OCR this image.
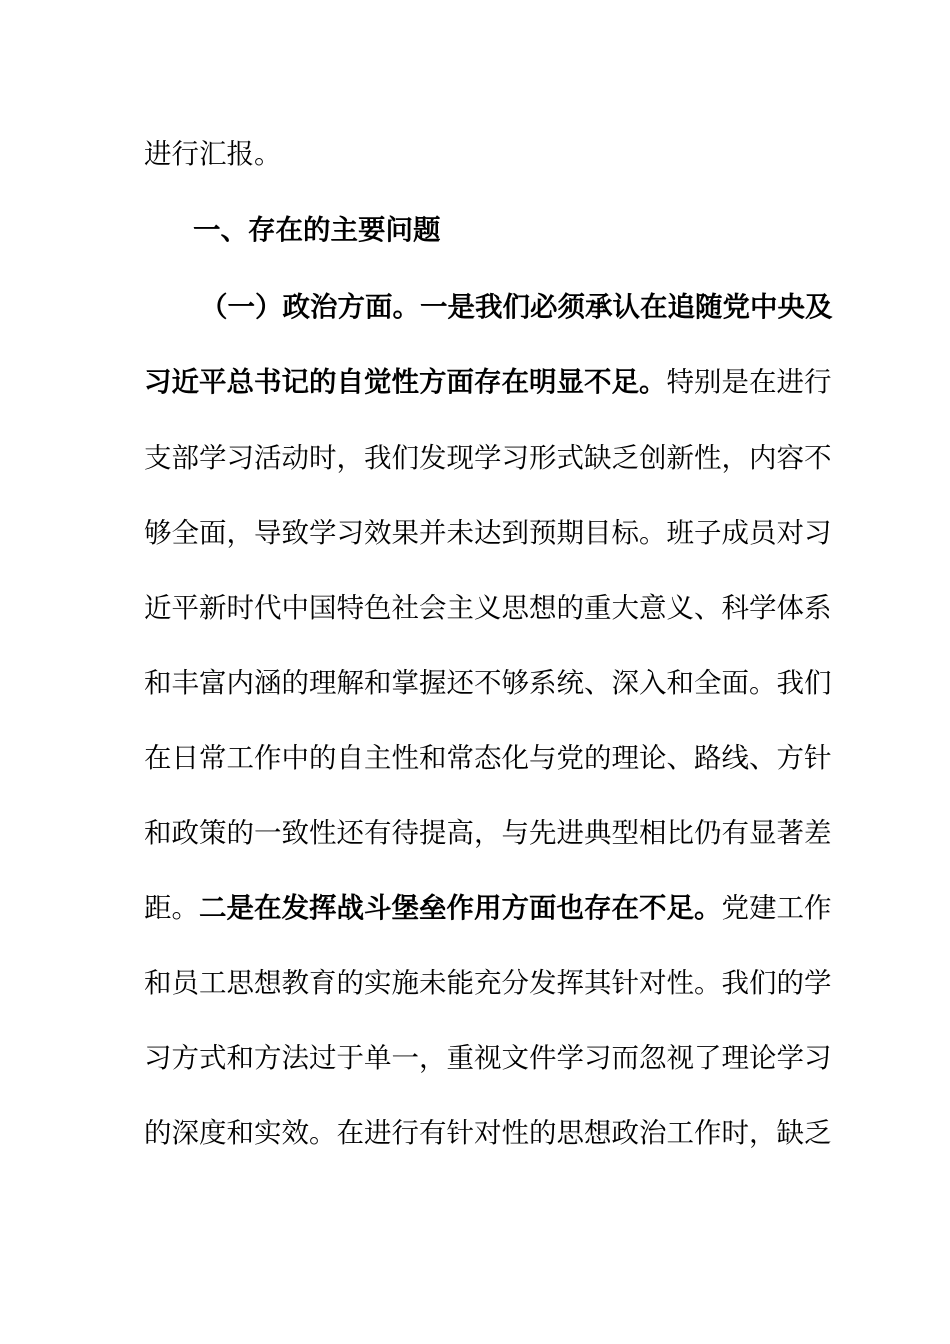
进行汇报。
一、存在的主要问题
（一）政治方面。一是我们必须承认在追随党中央及
习近平总书记的自觉性方面存在明显不足。特别是在进行
支部学习活动时，我们发现学习形式缺乏创新性，内容不
够全面，导致学习效果并未达到预期目标。班子成员对习
近平新时代中国特色社会主义思想的重大意义、科学体系
和丰富内涵的理解和掌握还不够系统、深入和全面。我们
在日常工作中的自主性和常态化与党的理论、路线、方针
和政策的一致性还有待提高，与先进典型相比仍有显著差
距。二是在发挥战斗堡垒作用方面也存在不足。党建工作
和员工思想教育的实施未能充分发挥其针对性。我们的学
习方式和方法过于单一，重视文件学习而忽视了理论学习
的深度和实效。在进行有针对性的思想政治工作时，缺乏
